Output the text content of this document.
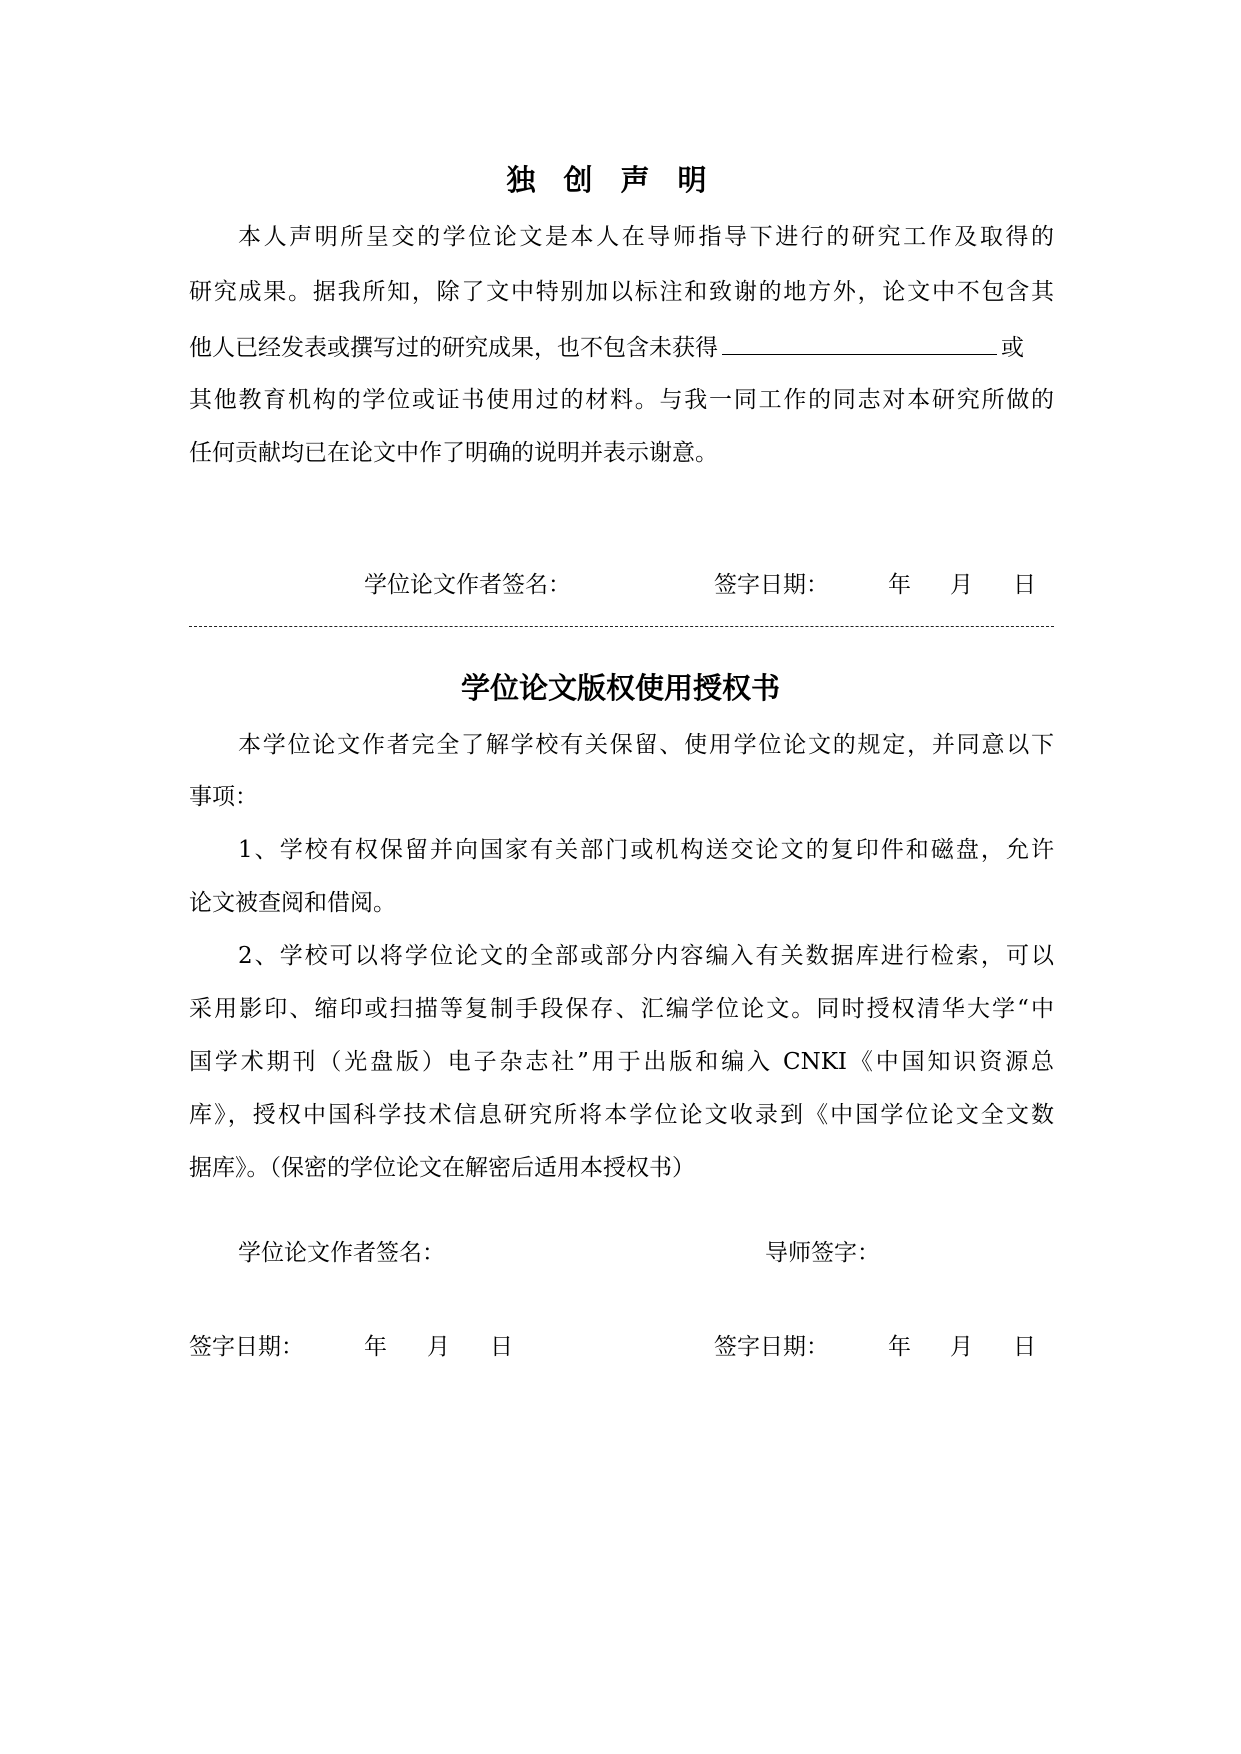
独创声明
本人声明所呈交的学位论文是本人在导师指导下进行的研究工作及取得的
研究成果。据我所知，除了文中特别加以标注和致谢的地方外，论文中不包含其
他人已经发表或撰写过的研究成果，也不包含未获得	或
其他教育机构的学位或证书使用过的材料。与我一同工作的同志对本研究所做的
任何贡献均已在论文中作了明确的说明并表示谢意。
学位论文作者签名：	签字日期：	年 月 日
学位论文版权使用授权书
本学位论文作者完全了解学校有关保留、使用学位论文的规定，并同意以下
事项：
1、学校有权保留并向国家有关部门或机构送交论文的复印件和磁盘，允许
论文被查阅和借阅。
2、学校可以将学位论文的全部或部分内容编入有关数据库进行检索，可以
采用影印、缩印或扫描等复制手段保存、汇编学位论文。同时授权清华大学“中
国学术期刊（光盘版）电子杂志社”用于出版和编入 CNKI《中国知识资源总
库》，授权中国科学技术信息研究所将本学位论文收录到《中国学位论文全文数
据库》。（保密的学位论文在解密后适用本授权书）
学位论文作者签名：	导师签字：
签字日期：	年 月 日	签字日期：	年 月 日
